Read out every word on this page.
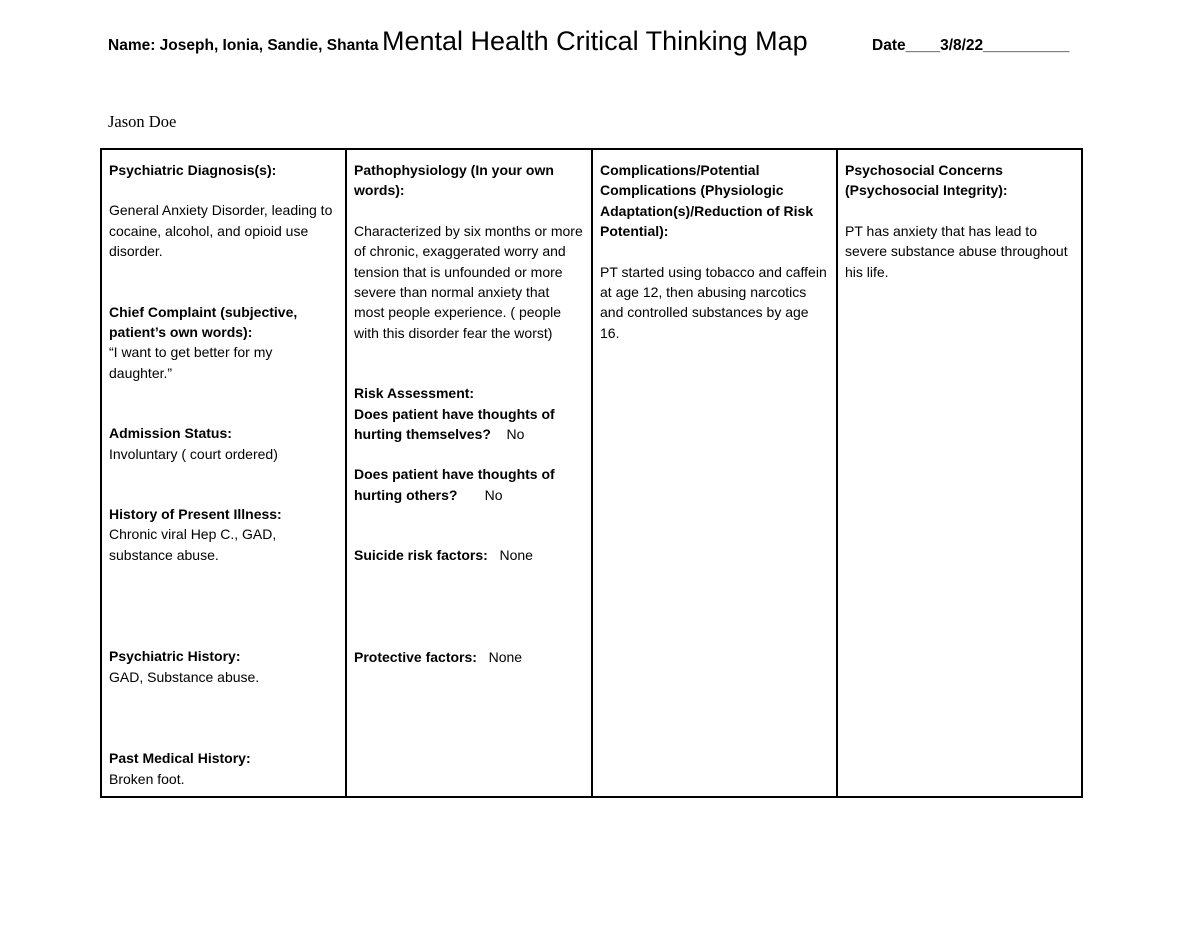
Name: Joseph, Ionia, Sandie, Shanta Mental Health Critical Thinking Map	Date____3/8/22__________
Jason Doe
Psychiatric Diagnosis(s):
General Anxiety Disorder, leading to cocaine, alcohol, and opioid use disorder.
Chief Complaint (subjective, patient’s own words):
“I want to get better for my daughter.”
Admission Status:
Involuntary ( court ordered)
History of Present Illness:
Chronic viral Hep C., GAD, substance abuse.
Psychiatric History:
GAD, Substance abuse.
Past Medical History:
Broken foot.
Pathophysiology (In your own words):
Characterized by six months or more of chronic, exaggerated worry and tension that is unfounded or more severe than normal anxiety that most people experience. ( people with this disorder fear the worst)
Risk Assessment:
Does patient have thoughts of hurting themselves? No
Does patient have thoughts of hurting others? No
Suicide risk factors: None
Protective factors: None
Complications/Potential Complications (Physiologic Adaptation(s)/Reduction of Risk Potential):
PT started using tobacco and caffein at age 12, then abusing narcotics and controlled substances by age 16.
Psychosocial Concerns (Psychosocial Integrity):
PT has anxiety that has lead to severe substance abuse throughout his life.
